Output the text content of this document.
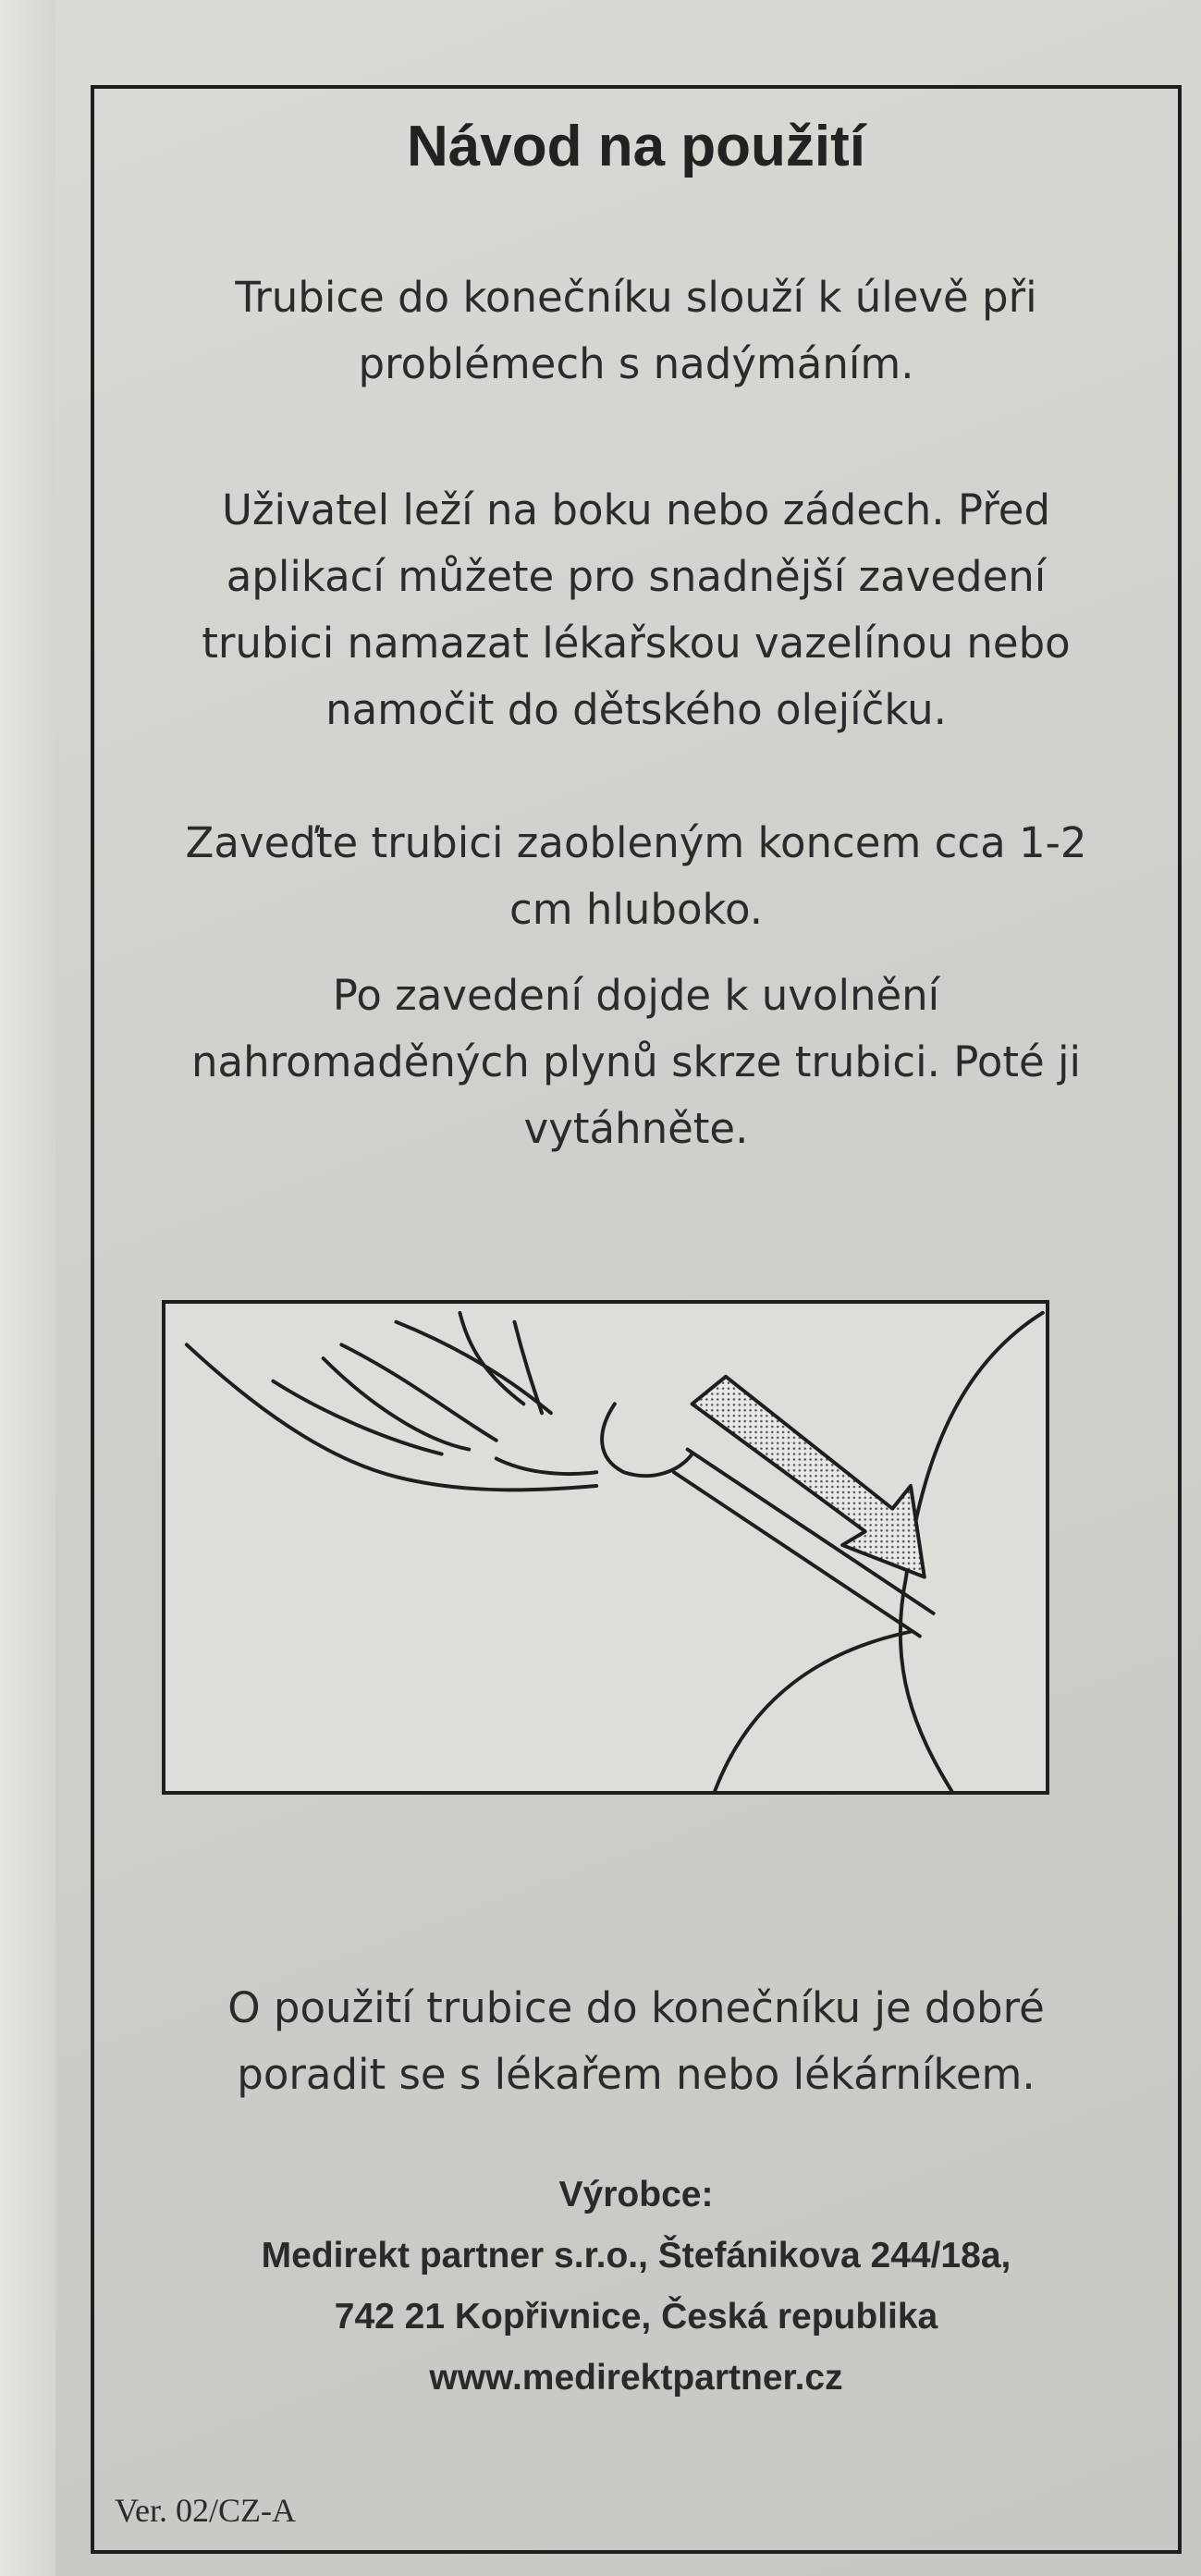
Návod na použití

Trubice do konečníku slouží k úlevě při
problémech s nadýmáním.

Uživatel leží na boku nebo zádech. Před
aplikací můžete pro snadnější zavedení
trubici namazat lékařskou vazelínou nebo
namočit do dětského olejíčku.

Zaveďte trubici zaobleným koncem cca 1-2
cm hluboko.

Po zavedení dojde k uvolnění
nahromaděných plynů skrze trubici. Poté ji
vytáhněte.

O použití trubice do konečníku je dobré
poradit se s lékařem nebo lékárníkem.

Výrobce:
Medirekt partner s.r.o., Štefánikova 244/18a,
742 21 Kopřivnice, Česká republika
www.medirektpartner.cz
Ver. 02/CZ-A
